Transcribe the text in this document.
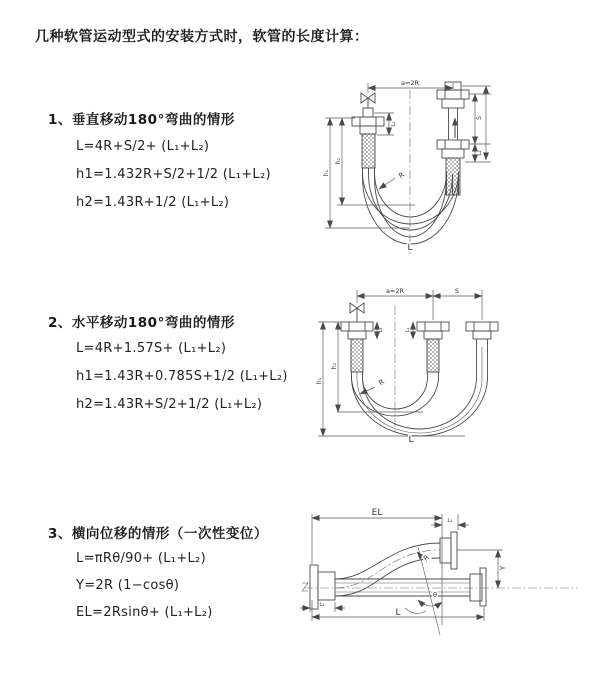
几种软管运动型式的安装方式时，软管的长度计算：
1、垂直移动180°弯曲的情形
L=4R+S/2+ (L₁+L₂)
h1=1.432R+S/2+1/2 (L₁+L₂)
h2=1.43R+1/2 (L₁+L₂)
2、水平移动180°弯曲的情形
L=4R+1.57S+ (L₁+L₂)
h1=1.43R+0.785S+1/2 (L₁+L₂)
h2=1.43R+S/2+1/2 (L₁+L₂)
3、横向位移的情形（一次性变位）
L=πRθ/90+ (L₁+L₂)
Y=2R (1−cosθ)
EL=2Rsinθ+ (L₁+L₂)
a=2R
L₁
S
L₂
h₂
h₁	R
L
a=2R	S
L₁	L₂
h₂
h₁	R
L
EL
L₁
Y
θ
R
L₁
L
